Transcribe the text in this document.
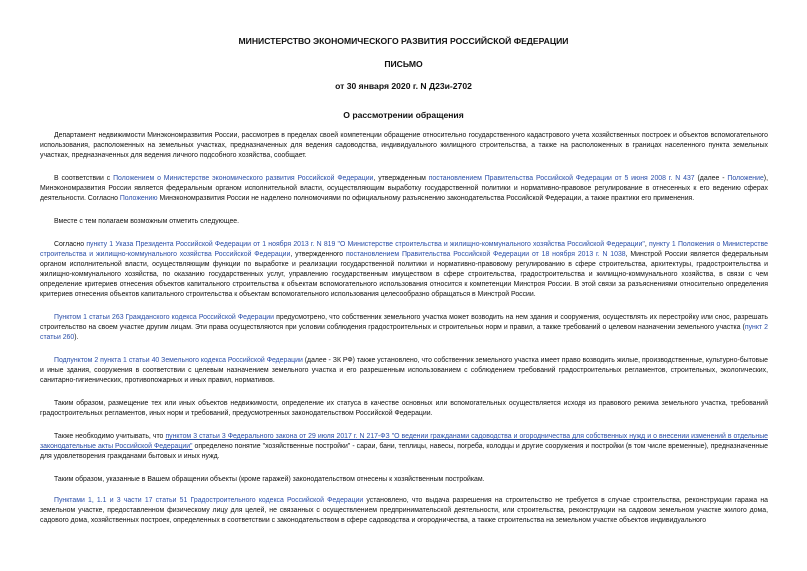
МИНИСТЕРСТВО ЭКОНОМИЧЕСКОГО РАЗВИТИЯ РОССИЙСКОЙ ФЕДЕРАЦИИ
ПИСЬМО
от 30 января 2020 г. N Д23и-2702
О рассмотрении обращения

Департамент недвижимости Минэкономразвития России, рассмотрев в пределах своей компетенции обращение относительно государственного кадастрового учета хозяйственных построек и объектов вспомогательного использования, расположенных на земельных участках, предназначенных для ведения садоводства, индивидуального жилищного строительства, а также на расположенных в границах населенного пункта земельных участках, предназначенных для ведения личного подсобного хозяйства, сообщает.

В соответствии с Положением о Министерстве экономического развития Российской Федерации, утвержденным постановлением Правительства Российской Федерации от 5 июня 2008 г. N 437 (далее - Положение), Минэкономразвития России является федеральным органом исполнительной власти, осуществляющим выработку государственной политики и нормативно-правовое регулирование в отнесенных к его ведению сферах деятельности. Согласно Положению Минэкономразвития России не наделено полномочиями по официальному разъяснению законодательства Российской Федерации, а также практики его применения.

Вместе с тем полагаем возможным отметить следующее.

Согласно пункту 1 Указа Президента Российской Федерации от 1 ноября 2013 г. N 819 "О Министерстве строительства и жилищно-коммунального хозяйства Российской Федерации", пункту 1 Положения о Министерстве строительства и жилищно-коммунального хозяйства Российской Федерации, утвержденного постановлением Правительства Российской Федерации от 18 ноября 2013 г. N 1038, Минстрой России является федеральным органом исполнительной власти, осуществляющим функции по выработке и реализации государственной политики и нормативно-правовому регулированию в сфере строительства, архитектуры, градостроительства и жилищно-коммунального хозяйства, по оказанию государственных услуг, управлению государственным имуществом в сфере строительства, градостроительства и жилищно-коммунального хозяйства, в связи с чем определение критериев отнесения объектов капитального строительства к объектам вспомогательного использования относится к компетенции Минстроя России. В этой связи за разъяснениями относительно определения критериев отнесения объектов капитального строительства к объектам вспомогательного использования целесообразно обращаться в Минстрой России.

Пунктом 1 статьи 263 Гражданского кодекса Российской Федерации предусмотрено, что собственник земельного участка может возводить на нем здания и сооружения, осуществлять их перестройку или снос, разрешать строительство на своем участке другим лицам. Эти права осуществляются при условии соблюдения градостроительных и строительных норм и правил, а также требований о целевом назначении земельного участка (пункт 2 статьи 260).

Подпунктом 2 пункта 1 статьи 40 Земельного кодекса Российской Федерации (далее - ЗК РФ) также установлено, что собственник земельного участка имеет право возводить жилые, производственные, культурно-бытовые и иные здания, сооружения в соответствии с целевым назначением земельного участка и его разрешенным использованием с соблюдением требований градостроительных регламентов, строительных, экологических, санитарно-гигиенических, противопожарных и иных правил, нормативов.

Таким образом, размещение тех или иных объектов недвижимости, определение их статуса в качестве основных или вспомогательных осуществляется исходя из правового режима земельного участка, требований градостроительных регламентов, иных норм и требований, предусмотренных законодательством Российской Федерации.

Также необходимо учитывать, что пунктом 3 статьи 3 Федерального закона от 29 июля 2017 г. N 217-ФЗ "О ведении гражданами садоводства и огородничества для собственных нужд и о внесении изменений в отдельные законодательные акты Российской Федерации" определено понятие "хозяйственные постройки" - сараи, бани, теплицы, навесы, погреба, колодцы и другие сооружения и постройки (в том числе временные), предназначенные для удовлетворения гражданами бытовых и иных нужд.

Таким образом, указанные в Вашем обращении объекты (кроме гаражей) законодательством отнесены к хозяйственным постройкам.

Пунктами 1, 1.1 и 3 части 17 статьи 51 Градостроительного кодекса Российской Федерации установлено, что выдача разрешения на строительство не требуется в случае строительства, реконструкции гаража на земельном участке, предоставленном физическому лицу для целей, не связанных с осуществлением предпринимательской деятельности, или строительства, реконструкции на садовом земельном участке жилого дома, садового дома, хозяйственных построек, определенных в соответствии с законодательством в сфере садоводства и огородничества, а также строительства на земельном участке объектов индивидуального
